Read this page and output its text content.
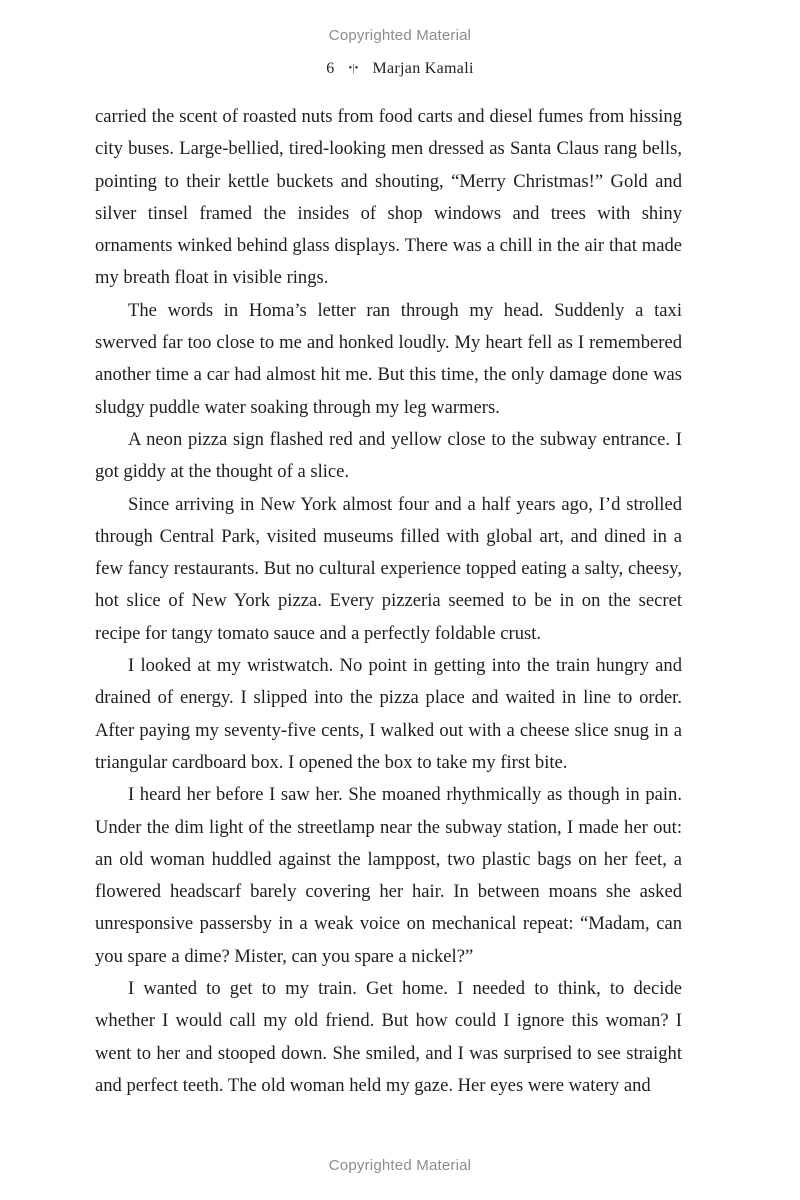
Copyrighted Material
6 •|• Marjan Kamali

carried the scent of roasted nuts from food carts and diesel fumes from hissing city buses. Large-bellied, tired-looking men dressed as Santa Claus rang bells, pointing to their kettle buckets and shouting, “Merry Christmas!” Gold and silver tinsel framed the insides of shop windows and trees with shiny ornaments winked behind glass displays. There was a chill in the air that made my breath float in visible rings.

The words in Homa’s letter ran through my head. Suddenly a taxi swerved far too close to me and honked loudly. My heart fell as I remembered another time a car had almost hit me. But this time, the only damage done was sludgy puddle water soaking through my leg warmers.

A neon pizza sign flashed red and yellow close to the subway entrance. I got giddy at the thought of a slice.

Since arriving in New York almost four and a half years ago, I’d strolled through Central Park, visited museums filled with global art, and dined in a few fancy restaurants. But no cultural experience topped eating a salty, cheesy, hot slice of New York pizza. Every pizzeria seemed to be in on the secret recipe for tangy tomato sauce and a perfectly foldable crust.

I looked at my wristwatch. No point in getting into the train hungry and drained of energy. I slipped into the pizza place and waited in line to order. After paying my seventy-five cents, I walked out with a cheese slice snug in a triangular cardboard box. I opened the box to take my first bite.

I heard her before I saw her. She moaned rhythmically as though in pain. Under the dim light of the streetlamp near the subway station, I made her out: an old woman huddled against the lamppost, two plastic bags on her feet, a flowered headscarf barely covering her hair. In between moans she asked unresponsive passersby in a weak voice on mechanical repeat: “Madam, can you spare a dime? Mister, can you spare a nickel?”

I wanted to get to my train. Get home. I needed to think, to decide whether I would call my old friend. But how could I ignore this woman? I went to her and stooped down. She smiled, and I was surprised to see straight and perfect teeth. The old woman held my gaze. Her eyes were watery and

Copyrighted Material
